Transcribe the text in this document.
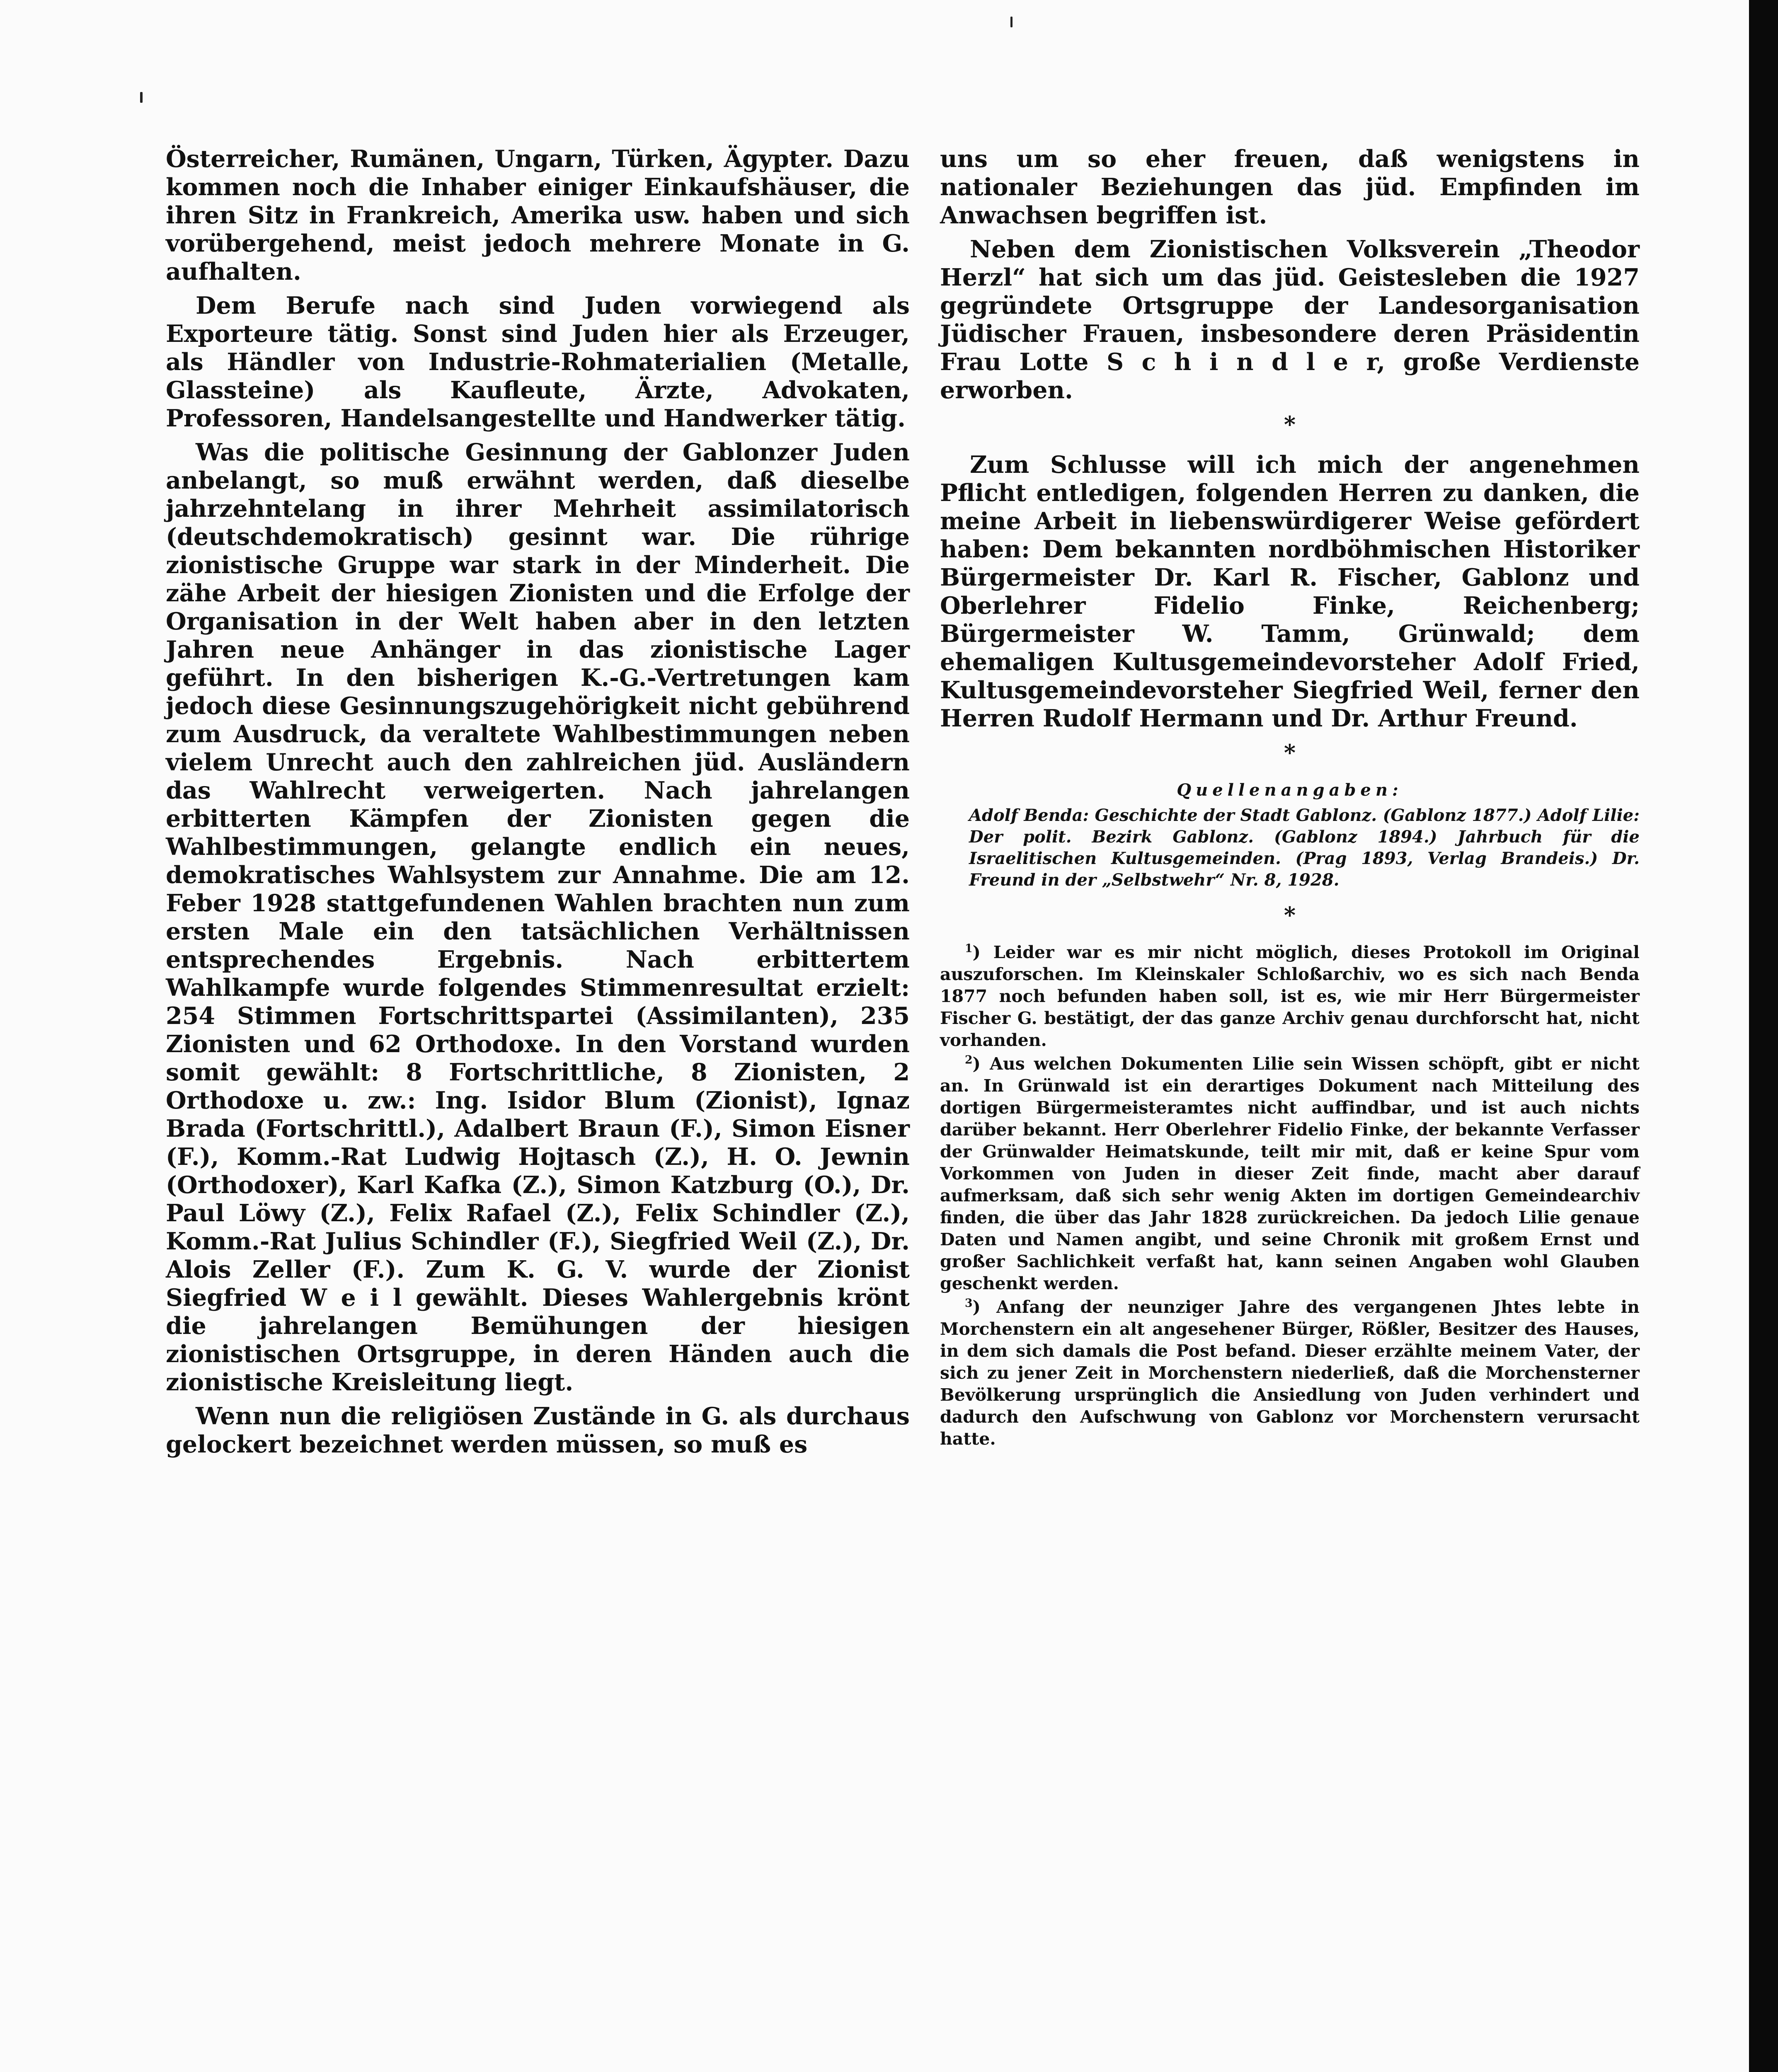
Österreicher, Rumänen, Ungarn, Türken, Ägypter. Dazu kommen noch die Inhaber einiger Einkaufshäuser, die ihren Sitz in Frankreich, Amerika usw. haben und sich vorübergehend, meist jedoch mehrere Monate in G. aufhalten.

Dem Berufe nach sind Juden vorwiegend als Exporteure tätig. Sonst sind Juden hier als Erzeuger, als Händler von Industrie-Rohmaterialien (Metalle, Glassteine) als Kaufleute, Ärzte, Advokaten, Professoren, Handelsangestellte und Handwerker tätig.

Was die politische Gesinnung der Gablonzer Juden anbelangt, so muß erwähnt werden, daß dieselbe jahrzehntelang in ihrer Mehrheit assimilatorisch (deutschdemokratisch) gesinnt war. Die rührige zionistische Gruppe war stark in der Minderheit. Die zähe Arbeit der hiesigen Zionisten und die Erfolge der Organisation in der Welt haben aber in den letzten Jahren neue Anhänger in das zionistische Lager geführt. In den bisherigen K.-G.-Vertretungen kam jedoch diese Gesinnungszugehörigkeit nicht gebührend zum Ausdruck, da veraltete Wahlbestimmungen neben vielem Unrecht auch den zahlreichen jüd. Ausländern das Wahlrecht verweigerten. Nach jahrelangen erbitterten Kämpfen der Zionisten gegen die Wahlbestimmungen, gelangte endlich ein neues, demokratisches Wahlsystem zur Annahme. Die am 12. Feber 1928 stattgefundenen Wahlen brachten nun zum ersten Male ein den tatsächlichen Verhältnissen entsprechendes Ergebnis. Nach erbittertem Wahlkampfe wurde folgendes Stimmenresultat erzielt: 254 Stimmen Fortschrittspartei (Assimilanten), 235 Zionisten und 62 Orthodoxe. In den Vorstand wurden somit gewählt: 8 Fortschrittliche, 8 Zionisten, 2 Orthodoxe u. zw.: Ing. Isidor Blum (Zionist), Ignaz Brada (Fortschrittl.), Adalbert Braun (F.), Simon Eisner (F.), Komm.-Rat Ludwig Hojtasch (Z.), H. O. Jewnin (Orthodoxer), Karl Kafka (Z.), Simon Katzburg (O.), Dr. Paul Löwy (Z.), Felix Rafael (Z.), Felix Schindler (Z.), Komm.-Rat Julius Schindler (F.), Siegfried Weil (Z.), Dr. Alois Zeller (F.). Zum K. G. V. wurde der Zionist Siegfried W e i l gewählt. Dieses Wahlergebnis krönt die jahrelangen Bemühungen der hiesigen zionistischen Ortsgruppe, in deren Händen auch die zionistische Kreisleitung liegt.

Wenn nun die religiösen Zustände in G. als durchaus gelockert bezeichnet werden müssen, so muß es

uns um so eher freuen, daß wenigstens in nationaler Beziehungen das jüd. Empfinden im Anwachsen begriffen ist.

Neben dem Zionistischen Volksverein „Theodor Herzl“ hat sich um das jüd. Geistesleben die 1927 gegründete Ortsgruppe der Landesorganisation Jüdischer Frauen, insbesondere deren Präsidentin Frau Lotte S c h i n d l e r, große Verdienste erworben.

*

Zum Schlusse will ich mich der angenehmen Pflicht entledigen, folgenden Herren zu danken, die meine Arbeit in liebenswürdigerer Weise gefördert haben: Dem bekannten nordböhmischen Historiker Bürgermeister Dr. Karl R. Fischer, Gablonz und Oberlehrer Fidelio Finke, Reichenberg; Bürgermeister W. Tamm, Grünwald; dem ehemaligen Kultusgemeindevorsteher Adolf Fried, Kultusgemeindevorsteher Siegfried Weil, ferner den Herren Rudolf Hermann und Dr. Arthur Freund.

*
Quellenangaben:

Adolf Benda: Geschichte der Stadt Gablonz. (Gablonz 1877.) Adolf Lilie: Der polit. Bezirk Gablonz. (Gablonz 1894.) Jahrbuch für die Israelitischen Kultusgemeinden. (Prag 1893, Verlag Brandeis.) Dr. Freund in der „Selbstwehr“ Nr. 8, 1928.

*

$^1$) Leider war es mir nicht möglich, dieses Protokoll im Original auszuforschen. Im Kleinskaler Schloßarchiv, wo es sich nach Benda 1877 noch befunden haben soll, ist es, wie mir Herr Bürgermeister Fischer G. bestätigt, der das ganze Archiv genau durchforscht hat, nicht vorhanden.

$^2$) Aus welchen Dokumenten Lilie sein Wissen schöpft, gibt er nicht an. In Grünwald ist ein derartiges Dokument nach Mitteilung des dortigen Bürgermeisteramtes nicht auffindbar, und ist auch nichts darüber bekannt. Herr Oberlehrer Fidelio Finke, der bekannte Verfasser der Grünwalder Heimatskunde, teilt mir mit, daß er keine Spur vom Vorkommen von Juden in dieser Zeit finde, macht aber darauf aufmerksam, daß sich sehr wenig Akten im dortigen Gemeindearchiv finden, die über das Jahr 1828 zurückreichen. Da jedoch Lilie genaue Daten und Namen angibt, und seine Chronik mit großem Ernst und großer Sachlichkeit verfaßt hat, kann seinen Angaben wohl Glauben geschenkt werden.

$^3$) Anfang der neunziger Jahre des vergangenen Jhtes lebte in Morchenstern ein alt angesehener Bürger, Rößler, Besitzer des Hauses, in dem sich damals die Post befand. Dieser erzählte meinem Vater, der sich zu jener Zeit in Morchenstern niederließ, daß die Morchensterner Bevölkerung ursprünglich die Ansiedlung von Juden verhindert und dadurch den Aufschwung von Gablonz vor Morchenstern verursacht hatte.
